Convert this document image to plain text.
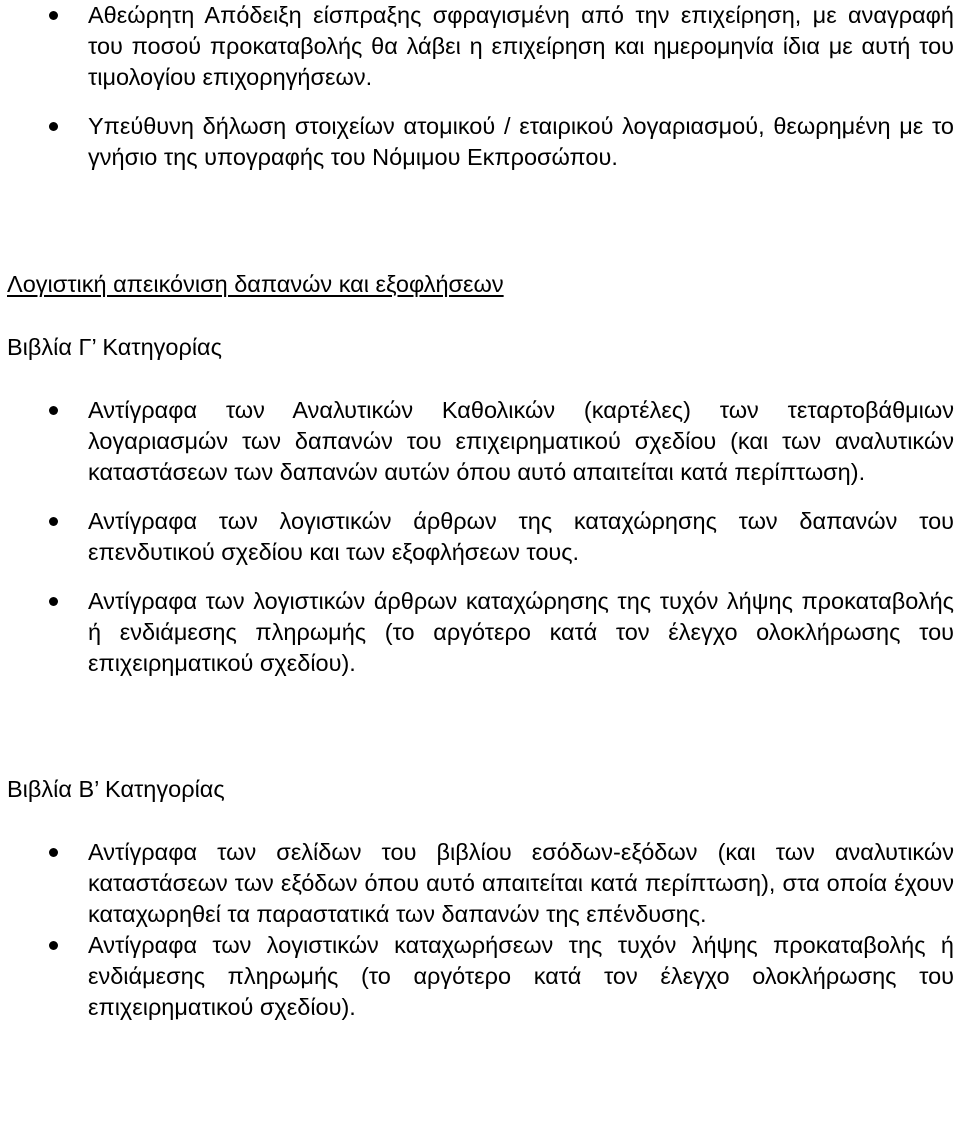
Αθεώρητη Απόδειξη είσπραξης σφραγισμένη από την επιχείρηση, με αναγραφή του ποσού προκαταβολής θα λάβει η επιχείρηση και ημερομηνία ίδια με αυτή του τιμολογίου επιχορηγήσεων.
Υπεύθυνη δήλωση στοιχείων ατομικού / εταιρικού λογαριασμού, θεωρημένη με το γνήσιο της υπογραφής του Νόμιμου Εκπροσώπου.
Λογιστική απεικόνιση δαπανών και εξοφλήσεων
Βιβλία Γ’ Κατηγορίας
Αντίγραφα των Αναλυτικών Καθολικών (καρτέλες) των τεταρτοβάθμιων λογαριασμών των δαπανών του επιχειρηματικού σχεδίου (και των αναλυτικών καταστάσεων των δαπανών αυτών όπου αυτό απαιτείται κατά περίπτωση).
Αντίγραφα των λογιστικών άρθρων της καταχώρησης των δαπανών του επενδυτικού σχεδίου και των εξοφλήσεων τους.
Αντίγραφα των λογιστικών άρθρων καταχώρησης της τυχόν λήψης προκαταβολής ή ενδιάμεσης πληρωμής (το αργότερο κατά τον έλεγχο ολοκλήρωσης του επιχειρηματικού σχεδίου).
Βιβλία Β’ Κατηγορίας
Αντίγραφα των σελίδων του βιβλίου εσόδων-εξόδων (και των αναλυτικών καταστάσεων των εξόδων όπου αυτό απαιτείται κατά περίπτωση), στα οποία έχουν καταχωρηθεί τα παραστατικά των δαπανών της επένδυσης.
Αντίγραφα των λογιστικών καταχωρήσεων της τυχόν λήψης προκαταβολής ή ενδιάμεσης πληρωμής (το αργότερο κατά τον έλεγχο ολοκλήρωσης του επιχειρηματικού σχεδίου).
